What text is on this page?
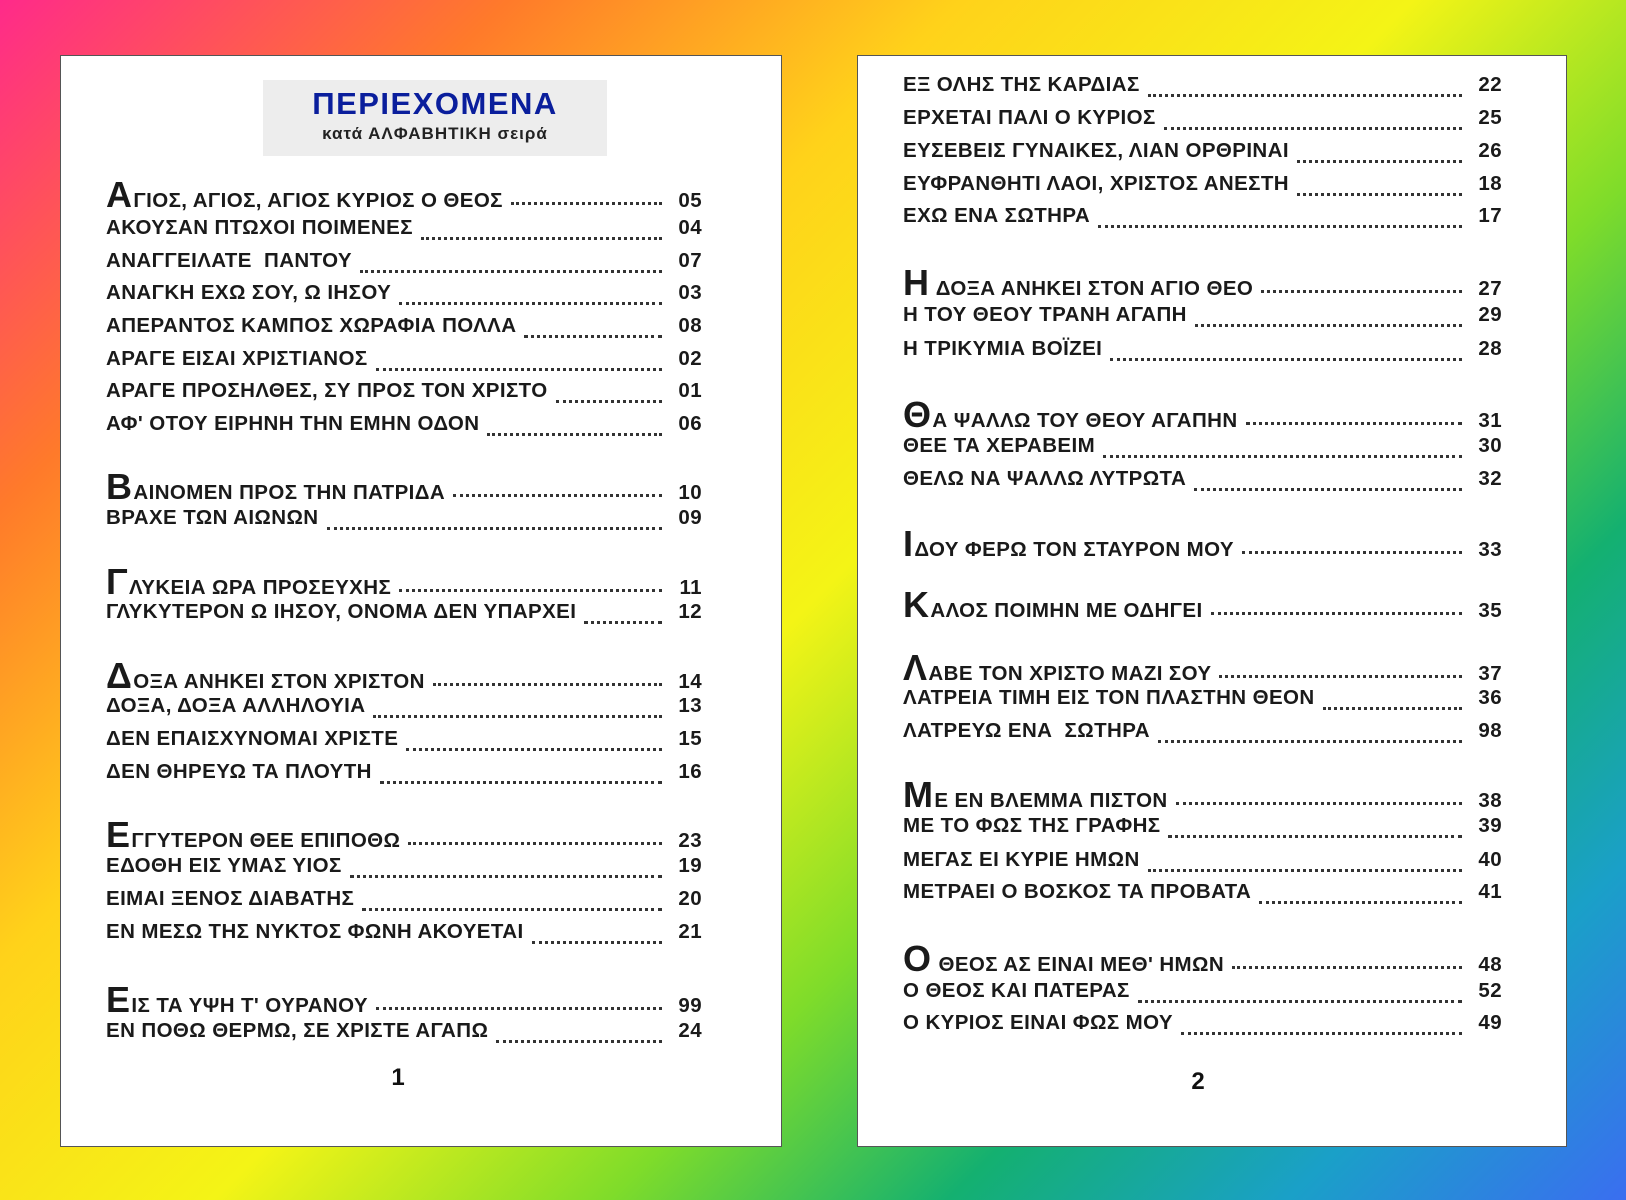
ΠΕΡΙΕΧΟΜΕΝΑ
κατά ΑΛΦΑΒΗΤΙΚΗ σειρά
ΑΓΙΟΣ, ΑΓΙΟΣ, ΑΓΙΟΣ ΚΥΡΙΟΣ Ο ΘΕΟΣ	05
ΑΚΟΥΣΑΝ ΠΤΩΧΟΙ ΠΟΙΜΕΝΕΣ	04
ΑΝΑΓΓΕΙΛΑΤΕ  ΠΑΝΤΟΥ	07
ΑΝΑΓΚΗ ΕΧΩ ΣΟΥ, Ω ΙΗΣΟΥ	03
ΑΠΕΡΑΝΤΟΣ ΚΑΜΠΟΣ ΧΩΡΑΦΙΑ ΠΟΛΛΑ	08
ΑΡΑΓΕ ΕΙΣΑΙ ΧΡΙΣΤΙΑΝΟΣ	02
ΑΡΑΓΕ ΠΡΟΣΗΛΘΕΣ, ΣΥ ΠΡΟΣ ΤΟΝ ΧΡΙΣΤΟ	01
ΑΦ' ΟΤΟΥ ΕΙΡΗΝΗ ΤΗΝ ΕΜΗΝ ΟΔΟΝ	06
ΒΑΙΝΟΜΕΝ ΠΡΟΣ ΤΗΝ ΠΑΤΡΙΔΑ	10
ΒΡΑΧΕ ΤΩΝ ΑΙΩΝΩΝ	09
ΓΛΥΚΕΙΑ ΩΡΑ ΠΡΟΣΕΥΧΗΣ	11
ΓΛΥΚΥΤΕΡΟΝ Ω ΙΗΣΟΥ, ΟΝΟΜΑ ΔΕΝ ΥΠΑΡΧΕΙ	12
ΔΟΞΑ ΑΝΗΚΕΙ ΣΤΟΝ ΧΡΙΣΤΟΝ	14
ΔΟΞΑ, ΔΟΞΑ ΑΛΛΗΛΟΥΙΑ	13
ΔΕΝ ΕΠΑΙΣΧΥΝΟΜΑΙ ΧΡΙΣΤΕ	15
ΔΕΝ ΘΗΡΕΥΩ ΤΑ ΠΛΟΥΤΗ	16
ΕΓΓΥΤΕΡΟΝ ΘΕΕ ΕΠΙΠΟΘΩ	23
ΕΔΟΘΗ ΕΙΣ ΥΜΑΣ ΥΙΟΣ	19
ΕΙΜΑΙ ΞΕΝΟΣ ΔΙΑΒΑΤΗΣ	20
ΕΝ ΜΕΣΩ ΤΗΣ ΝΥΚΤΟΣ ΦΩΝΗ ΑΚΟΥΕΤΑΙ	21
ΕΙΣ ΤΑ ΥΨΗ Τ' ΟΥΡΑΝΟΥ	99
ΕΝ ΠΟΘΩ ΘΕΡΜΩ, ΣΕ ΧΡΙΣΤΕ ΑΓΑΠΩ	24
1
ΕΞ ΟΛΗΣ ΤΗΣ ΚΑΡΔΙΑΣ	22
ΕΡΧΕΤΑΙ ΠΑΛΙ Ο ΚΥΡΙΟΣ	25
ΕΥΣΕΒΕΙΣ ΓΥΝΑΙΚΕΣ, ΛΙΑΝ ΟΡΘΡΙΝΑΙ	26
ΕΥΦΡΑΝΘΗΤΙ ΛΑΟΙ, ΧΡΙΣΤΟΣ ΑΝΕΣΤΗ	18
ΕΧΩ ΕΝΑ ΣΩΤΗΡΑ	17
Η ΔΟΞΑ ΑΝΗΚΕΙ ΣΤΟΝ ΑΓΙΟ ΘΕΟ	27
Η ΤΟΥ ΘΕΟΥ ΤΡΑΝΗ ΑΓΑΠΗ	29
Η ΤΡΙΚΥΜΙΑ ΒΟΪΖΕΙ	28
ΘΑ ΨΑΛΛΩ ΤΟΥ ΘΕΟΥ ΑΓΑΠΗΝ	31
ΘΕΕ ΤΑ ΧΕΡΑΒΕΙΜ	30
ΘΕΛΩ ΝΑ ΨΑΛΛΩ ΛΥΤΡΩΤΑ	32
ΙΔΟΥ ΦΕΡΩ ΤΟΝ ΣΤΑΥΡΟΝ ΜΟΥ	33
ΚΑΛΟΣ ΠΟΙΜΗΝ ΜΕ ΟΔΗΓΕΙ	35
ΛΑΒΕ ΤΟΝ ΧΡΙΣΤΟ ΜΑΖΙ ΣΟΥ	37
ΛΑΤΡΕΙΑ ΤΙΜΗ ΕΙΣ ΤΟΝ ΠΛΑΣΤΗΝ ΘΕΟΝ	36
ΛΑΤΡΕΥΩ ΕΝΑ  ΣΩΤΗΡΑ	98
ΜΕ ΕΝ ΒΛΕΜΜΑ ΠΙΣΤΟΝ	38
ΜΕ ΤΟ ΦΩΣ ΤΗΣ ΓΡΑΦΗΣ	39
ΜΕΓΑΣ ΕΙ ΚΥΡΙΕ ΗΜΩΝ	40
ΜΕΤΡΑΕΙ Ο ΒΟΣΚΟΣ ΤΑ ΠΡΟΒΑΤΑ	41
Ο ΘΕΟΣ ΑΣ ΕΙΝΑΙ ΜΕΘ' ΗΜΩΝ	48
Ο ΘΕΟΣ ΚΑΙ ΠΑΤΕΡΑΣ	52
Ο ΚΥΡΙΟΣ ΕΙΝΑΙ ΦΩΣ ΜΟΥ	49
2
